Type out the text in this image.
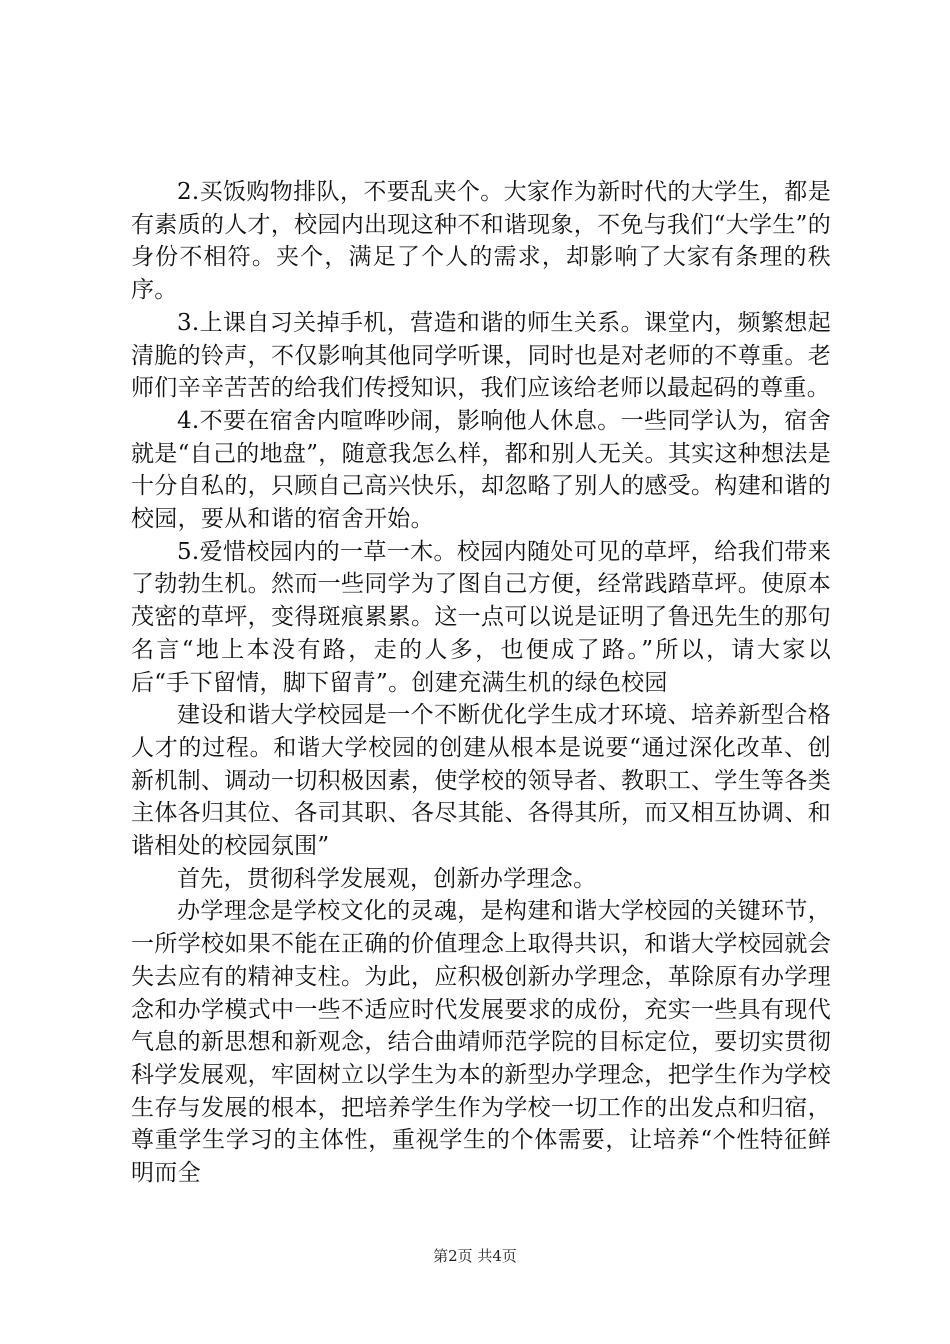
2.买饭购物排队，不要乱夹个。大家作为新时代的大学生，都是有素质的人才，校园内出现这种不和谐现象，不免与我们“大学生”的身份不相符。夹个，满足了个人的需求，却影响了大家有条理的秩序。

3.上课自习关掉手机，营造和谐的师生关系。课堂内，频繁想起清脆的铃声，不仅影响其他同学听课，同时也是对老师的不尊重。老师们辛辛苦苦的给我们传授知识，我们应该给老师以最起码的尊重。

4.不要在宿舍内喧哗吵闹，影响他人休息。一些同学认为，宿舍就是“自己的地盘”，随意我怎么样，都和别人无关。其实这种想法是十分自私的，只顾自己高兴快乐，却忽略了别人的感受。构建和谐的校园，要从和谐的宿舍开始。

5.爱惜校园内的一草一木。校园内随处可见的草坪，给我们带来了勃勃生机。然而一些同学为了图自己方便，经常践踏草坪。使原本茂密的草坪，变得斑痕累累。这一点可以说是证明了鲁迅先生的那句名言“地上本没有路，走的人多，也便成了路。”所以，请大家以后“手下留情，脚下留青”。创建充满生机的绿色校园

建设和谐大学校园是一个不断优化学生成才环境、培养新型合格人才的过程。和谐大学校园的创建从根本是说要“通过深化改革、创新机制、调动一切积极因素，使学校的领导者、教职工、学生等各类主体各归其位、各司其职、各尽其能、各得其所，而又相互协调、和谐相处的校园氛围”

首先，贯彻科学发展观，创新办学理念。

办学理念是学校文化的灵魂，是构建和谐大学校园的关键环节，一所学校如果不能在正确的价值理念上取得共识，和谐大学校园就会失去应有的精神支柱。为此，应积极创新办学理念，革除原有办学理念和办学模式中一些不适应时代发展要求的成份，充实一些具有现代气息的新思想和新观念，结合曲靖师范学院的目标定位，要切实贯彻科学发展观，牢固树立以学生为本的新型办学理念，把学生作为学校生存与发展的根本，把培养学生作为学校一切工作的出发点和归宿，尊重学生学习的主体性，重视学生的个体需要，让培养“个性特征鲜明而全

第2页 共4页
